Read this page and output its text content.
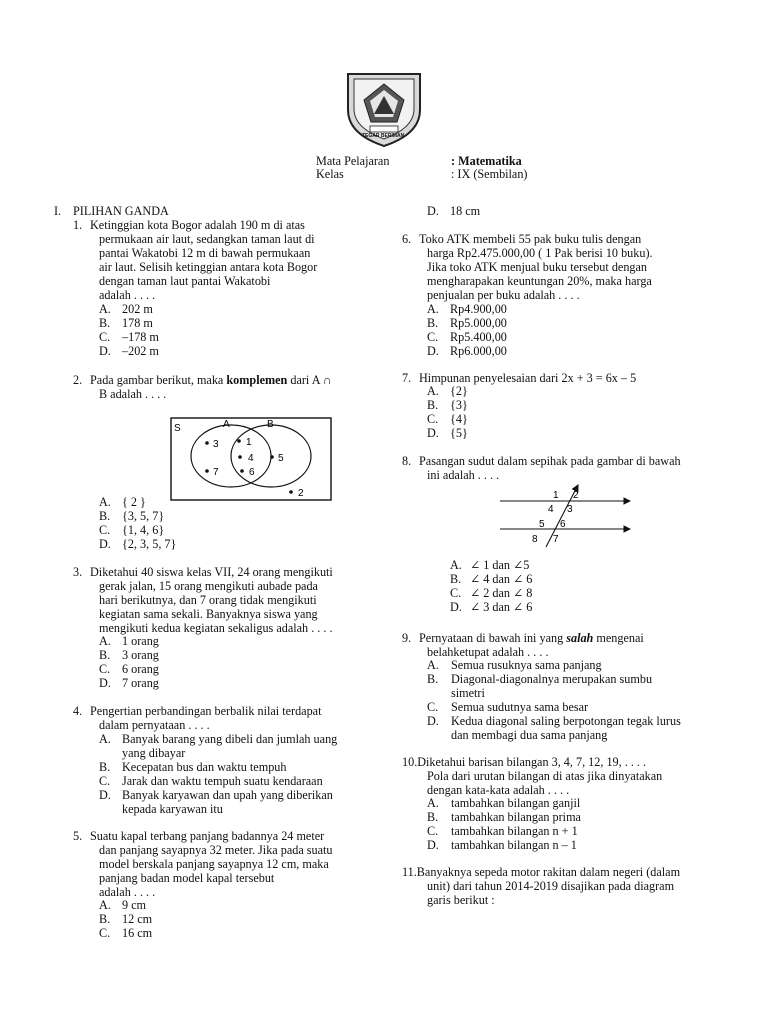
TEGAR BERIMAN
Mata Pelajaran	: Matematika
Kelas	: IX (Sembilan)
I. PILIHAN GANDA
1. Ketinggian kota Bogor adalah 190 m di atas
permukaan air laut, sedangkan taman laut di
pantai Wakatobi 12 m di bawah permukaan
air laut. Selisih ketinggian antara kota Bogor
dengan taman laut pantai Wakatobi
adalah . . . .
A. 202 m
B. 178 m
C. –178 m
D. –202 m
2. Pada gambar berikut, maka komplemen dari A ∩
B adalah . . . .
S	A	B
3	1
4 5
7	6
2
A. { 2 }
B. {3, 5, 7}
C. {1, 4, 6}
D. {2, 3, 5, 7}
3. Diketahui 40 siswa kelas VII, 24 orang mengikuti
gerak jalan, 15 orang mengikuti aubade pada
hari berikutnya, dan 7 orang tidak mengikuti
kegiatan sama sekali. Banyaknya siswa yang
mengikuti kedua kegiatan sekaligus adalah . . . .
A. 1 orang
B. 3 orang
C. 6 orang
D. 7 orang
4. Pengertian perbandingan berbalik nilai terdapat
dalam pernyataan . . . .
A. Banyak barang yang dibeli dan jumlah uang
yang dibayar
B. Kecepatan bus dan waktu tempuh
C. Jarak dan waktu tempuh suatu kendaraan
D. Banyak karyawan dan upah yang diberikan
kepada karyawan itu
5. Suatu kapal terbang panjang badannya 24 meter
dan panjang sayapnya 32 meter. Jika pada suatu
model berskala panjang sayapnya 12 cm, maka
panjang badan model kapal tersebut
adalah . . . .
A. 9 cm
B. 12 cm
C. 16 cm
D. 18 cm
6. Toko ATK membeli 55 pak buku tulis dengan
harga Rp2.475.000,00 ( 1 Pak berisi 10 buku).
Jika toko ATK menjual buku tersebut dengan
mengharapakan keuntungan 20%, maka harga
penjualan per buku adalah . . . .
A. Rp4.900,00
B. Rp5.000,00
C. Rp5.400,00
D. Rp6.000,00
7. Himpunan penyelesaian dari 2x + 3 = 6x – 5
A. {2}
B. {3}
C. {4}
D. {5}
8. Pasangan sudut dalam sepihak pada gambar di bawah
ini adalah . . . .
1 2
4 3
5 6
8 7
A. ∠ 1 dan ∠5
B. ∠ 4 dan ∠ 6
C. ∠ 2 dan ∠ 8
D. ∠ 3 dan ∠ 6
9. Pernyataan di bawah ini yang salah mengenai
belahketupat adalah . . . .
A. Semua rusuknya sama panjang
B. Diagonal-diagonalnya merupakan sumbu
simetri
C. Semua sudutnya sama besar
D. Kedua diagonal saling berpotongan tegak lurus
dan membagi dua sama panjang
10.Diketahui barisan bilangan 3, 4, 7, 12, 19, . . . .
Pola dari urutan bilangan di atas jika dinyatakan
dengan kata-kata adalah . . . .
A. tambahkan bilangan ganjil
B. tambahkan bilangan prima
C. tambahkan bilangan n + 1
D. tambahkan bilangan n – 1
11.Banyaknya sepeda motor rakitan dalam negeri (dalam
unit) dari tahun 2014-2019 disajikan pada diagram
garis berikut :
